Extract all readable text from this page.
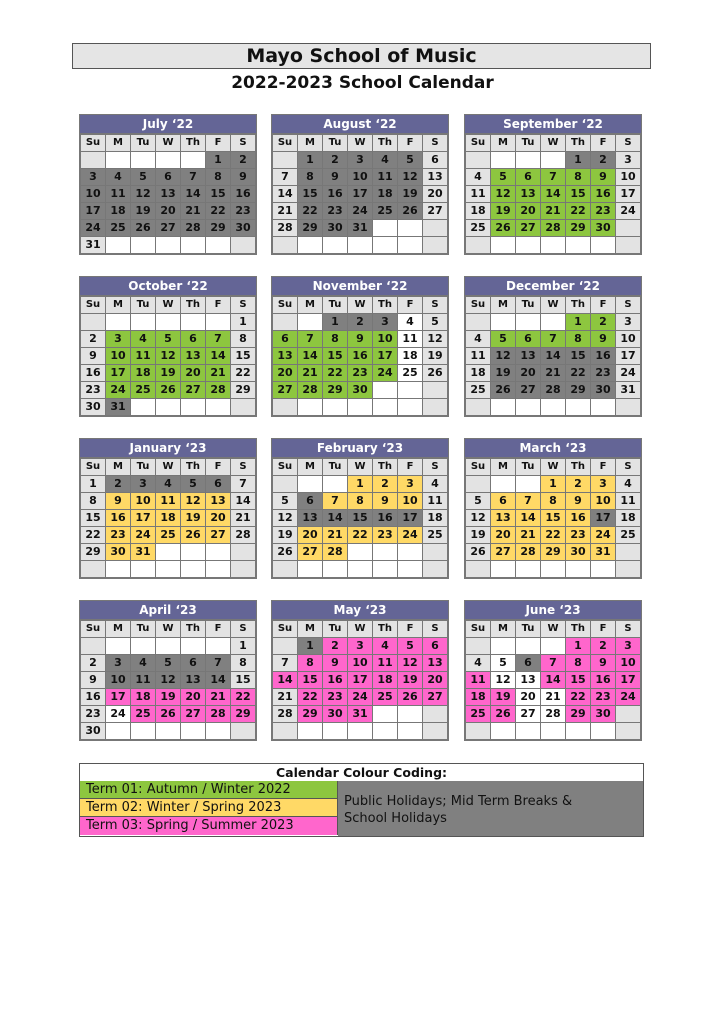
Mayo School of Music
2022-2023 School Calendar
July ‘22
Su	M	Tu	W	Th	F	S
					1	2
3	4	5	6	7	8	9
10	11	12	13	14	15	16
17	18	19	20	21	22	23
24	25	26	27	28	29	30
31						
August ‘22
Su	M	Tu	W	Th	F	S
	1	2	3	4	5	6
7	8	9	10	11	12	13
14	15	16	17	18	19	20
21	22	23	24	25	26	27
28	29	30	31			

September ‘22
Su	M	Tu	W	Th	F	S
				1	2	3
4	5	6	7	8	9	10
11	12	13	14	15	16	17
18	19	20	21	22	23	24
25	26	27	28	29	30	

October ‘22
Su	M	Tu	W	Th	F	S
						1
2	3	4	5	6	7	8
9	10	11	12	13	14	15
16	17	18	19	20	21	22
23	24	25	26	27	28	29
30	31					
November ‘22
Su	M	Tu	W	Th	F	S
		1	2	3	4	5
6	7	8	9	10	11	12
13	14	15	16	17	18	19
20	21	22	23	24	25	26
27	28	29	30			

December ‘22
Su	M	Tu	W	Th	F	S
				1	2	3
4	5	6	7	8	9	10
11	12	13	14	15	16	17
18	19	20	21	22	23	24
25	26	27	28	29	30	31

January ‘23
Su	M	Tu	W	Th	F	S
1	2	3	4	5	6	7
8	9	10	11	12	13	14
15	16	17	18	19	20	21
22	23	24	25	26	27	28
29	30	31				

February ‘23
Su	M	Tu	W	Th	F	S
			1	2	3	4
5	6	7	8	9	10	11
12	13	14	15	16	17	18
19	20	21	22	23	24	25
26	27	28				

March ‘23
Su	M	Tu	W	Th	F	S
			1	2	3	4
5	6	7	8	9	10	11
12	13	14	15	16	17	18
19	20	21	22	23	24	25
26	27	28	29	30	31	

April ‘23
Su	M	Tu	W	Th	F	S
						1
2	3	4	5	6	7	8
9	10	11	12	13	14	15
16	17	18	19	20	21	22
23	24	25	26	27	28	29
30						
May ‘23
Su	M	Tu	W	Th	F	S
	1	2	3	4	5	6
7	8	9	10	11	12	13
14	15	16	17	18	19	20
21	22	23	24	25	26	27
28	29	30	31			

June ‘23
Su	M	Tu	W	Th	F	S
				1	2	3
4	5	6	7	8	9	10
11	12	13	14	15	16	17
18	19	20	21	22	23	24
25	26	27	28	29	30	

Calendar Colour Coding:
Term 01: Autumn / Winter 2022
Term 02: Winter / Spring 2023
Term 03: Spring / Summer 2023
Public Holidays; Mid Term Breaks &
School Holidays
